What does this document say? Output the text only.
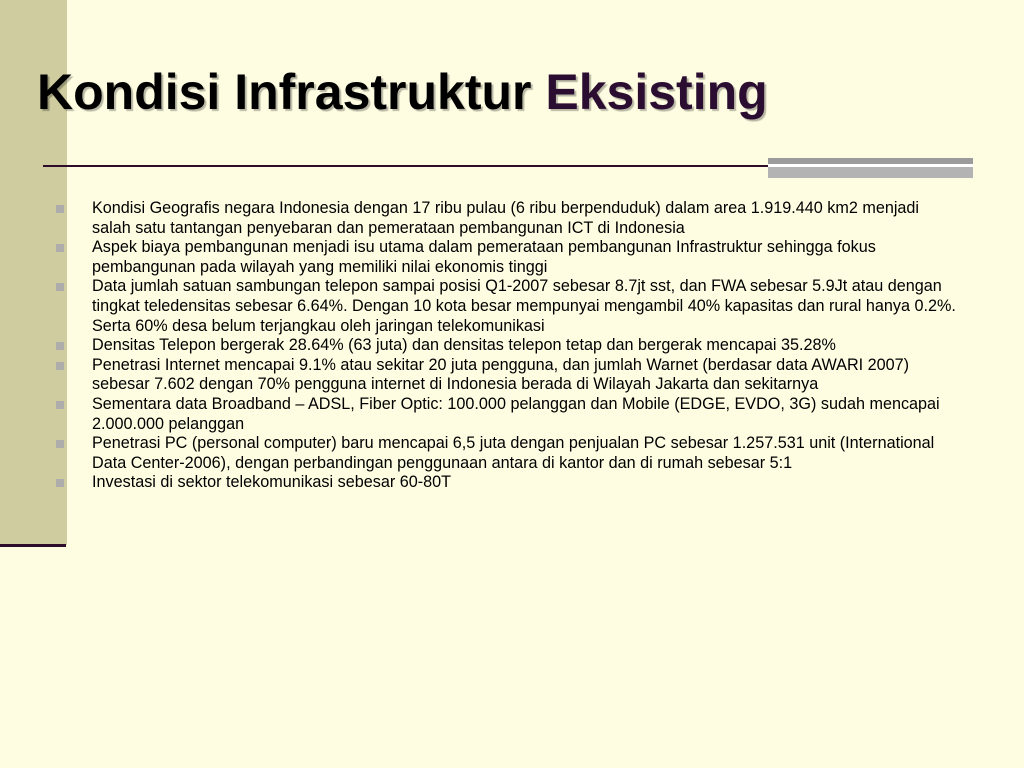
Kondisi Infrastruktur Eksisting
Kondisi Geografis negara Indonesia dengan 17 ribu pulau (6 ribu berpenduduk) dalam area 1.919.440 km2 menjadi salah satu tantangan penyebaran dan pemerataan pembangunan ICT di Indonesia
Aspek biaya pembangunan menjadi isu utama dalam pemerataan pembangunan Infrastruktur sehingga fokus pembangunan pada wilayah yang memiliki nilai ekonomis tinggi
Data jumlah satuan sambungan telepon sampai posisi Q1-2007 sebesar 8.7jt sst, dan FWA sebesar 5.9Jt atau dengan tingkat teledensitas sebesar 6.64%. Dengan 10 kota besar mempunyai mengambil 40% kapasitas dan rural hanya 0.2%. Serta 60% desa belum terjangkau oleh jaringan telekomunikasi
Densitas Telepon bergerak 28.64% (63 juta) dan densitas telepon tetap dan bergerak mencapai 35.28%
Penetrasi Internet mencapai 9.1% atau sekitar 20 juta pengguna, dan jumlah Warnet (berdasar data AWARI 2007) sebesar 7.602 dengan 70% pengguna internet di Indonesia berada di Wilayah Jakarta dan sekitarnya
Sementara data Broadband – ADSL, Fiber Optic: 100.000 pelanggan dan Mobile (EDGE, EVDO, 3G) sudah mencapai 2.000.000 pelanggan
Penetrasi PC (personal computer) baru mencapai 6,5 juta dengan penjualan PC sebesar 1.257.531 unit (International Data Center-2006), dengan perbandingan penggunaan antara di kantor dan di rumah sebesar 5:1
Investasi di sektor telekomunikasi sebesar 60-80T
